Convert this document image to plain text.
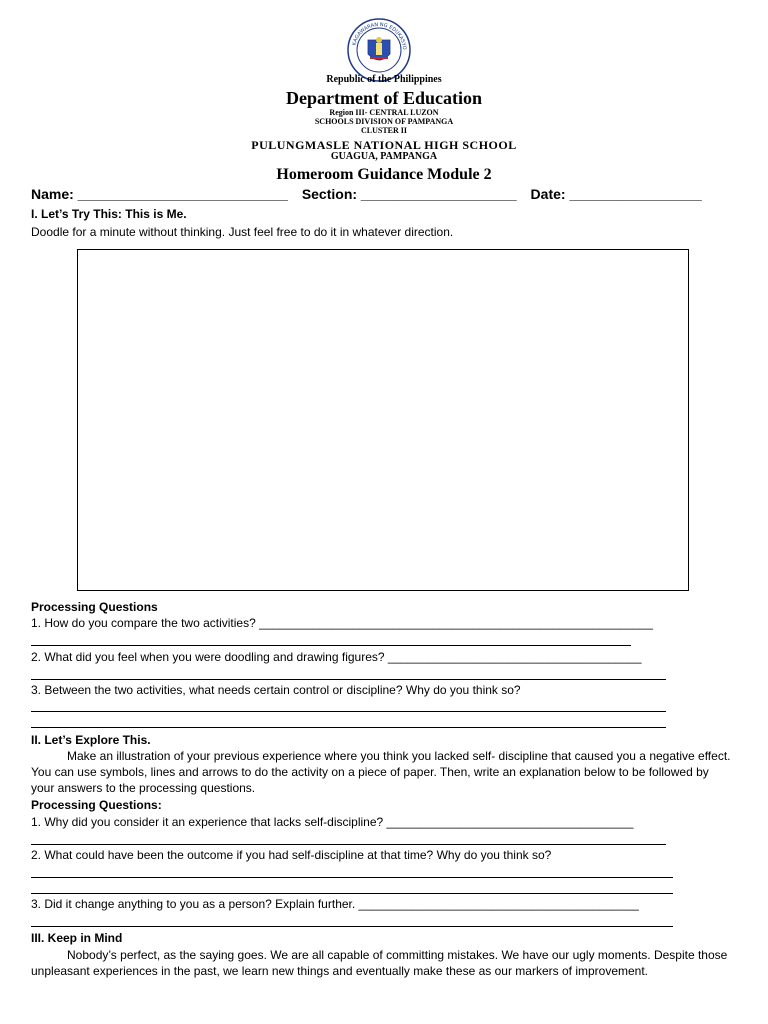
KAGAWARAN NG EDUKASYO
Republic of the Philippines
Department of Education
Region III- CENTRAL LUZON
SCHOOLS DIVISION OF PAMPANGA
CLUSTER II
PULUNGMASLE NATIONAL HIGH SCHOOL
GUAGUA, PAMPANGA
Homeroom Guidance Module 2
Name: ___________________________ Section: ____________________ Date: _________________
I. Let’s Try This: This is Me.
Doodle for a minute without thinking. Just feel free to do it in whatever direction.
Processing Questions
1. How do you compare the two activities? ___________________________________________________________
2. What did you feel when you were doodling and drawing figures? ______________________________________
3. Between the two activities, what needs certain control or discipline? Why do you think so?
II. Let’s Explore This.
Make an illustration of your previous experience where you think you lacked self- discipline that caused you a negative effect. You can use symbols, lines and arrows to do the activity on a piece of paper. Then, write an explanation below to be followed by your answers to the processing questions.
Processing Questions:
1. Why did you consider it an experience that lacks self-discipline? _____________________________________
2. What could have been the outcome if you had self-discipline at that time? Why do you think so?
3. Did it change anything to you as a person? Explain further. __________________________________________
III. Keep in Mind
Nobody’s perfect, as the saying goes. We are all capable of committing mistakes. We have our ugly moments. Despite those unpleasant experiences in the past, we learn new things and eventually make these as our markers of improvement.
